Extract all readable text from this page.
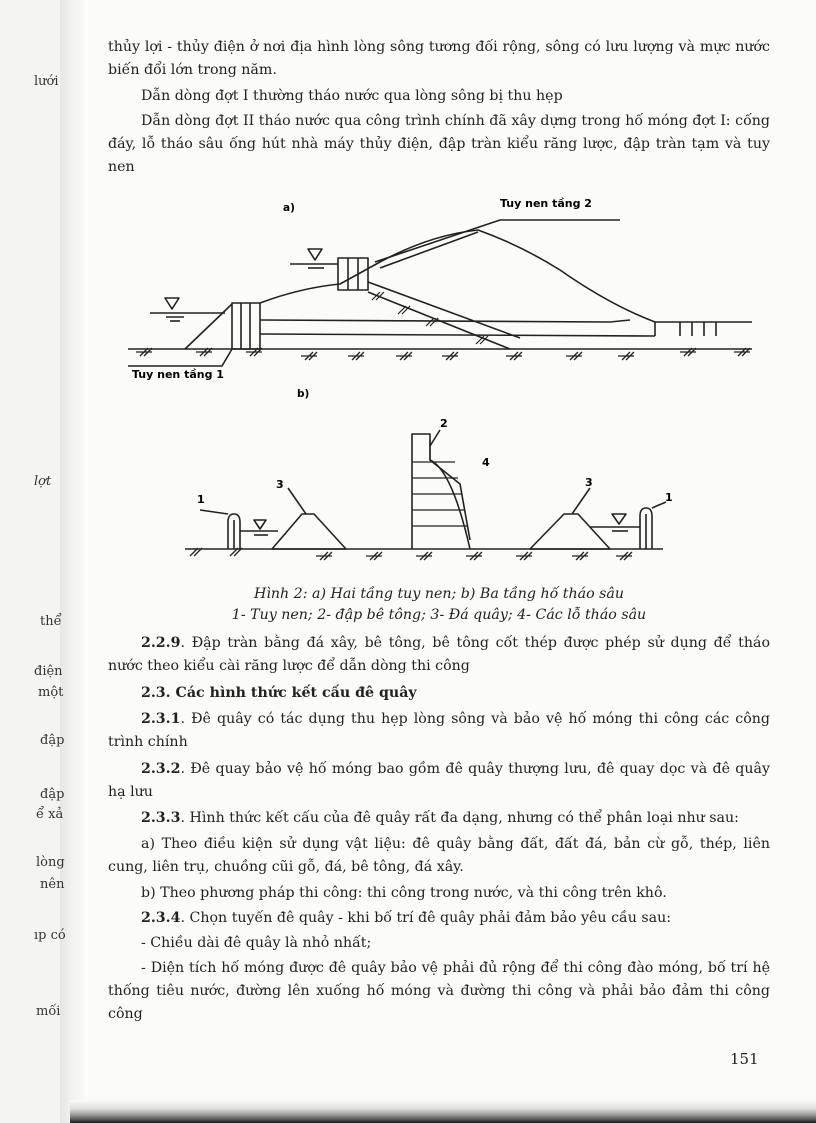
lưới
lợt
thể
điện
một
đập
đập
ể xả
lòng
nên
ıp có
mối

thủy lợi - thủy điện ở nơi địa hình lòng sông tương đối rộng, sông có lưu lượng và mực nước biến đổi lớn trong năm.

Dẫn dòng đợt I thường tháo nước qua lòng sông bị thu hẹp

Dẫn dòng đợt II tháo nước qua công trình chính đã xây dựng trong hố móng đợt I: cống đáy, lỗ tháo sâu ống hút nhà máy thủy điện, đập tràn kiểu răng lược, đập tràn tạm và tuy nen

a)	Tuy nen tầng 2
Tuy nen tầng 1
b)
2
4
3	3
1	1
Hình 2: a) Hai tầng tuy nen; b) Ba tầng hố tháo sâu
1- Tuy nen; 2- đập bê tông; 3- Đá quây; 4- Các lỗ tháo sâu

2.2.9. Đập tràn bằng đá xây, bê tông, bê tông cốt thép được phép sử dụng để tháo nước theo kiểu cài răng lược để dẫn dòng thi công

2.3. Các hình thức kết cấu đê quây

2.3.1. Đê quây có tác dụng thu hẹp lòng sông và bảo vệ hố móng thi công các công trình chính

2.3.2. Đê quay bảo vệ hố móng bao gồm đê quây thượng lưu, đê quay dọc và đê quây hạ lưu

2.3.3. Hình thức kết cấu của đê quây rất đa dạng, nhưng có thể phân loại như sau:

a) Theo điều kiện sử dụng vật liệu: đê quây bằng đất, đất đá, bản cừ gỗ, thép, liên cung, liên trụ, chuồng cũi gỗ, đá, bê tông, đá xây.

b) Theo phương pháp thi công: thi công trong nước, và thi công trên khô.

2.3.4. Chọn tuyến đê quây - khi bố trí đê quây phải đảm bảo yêu cầu sau:

- Chiều dài đê quây là nhỏ nhất;

- Diện tích hố móng được đê quây bảo vệ phải đủ rộng để thi công đào móng, bố trí hệ thống tiêu nước, đường lên xuống hố móng và đường thi công và phải bảo đảm thi công công

151
